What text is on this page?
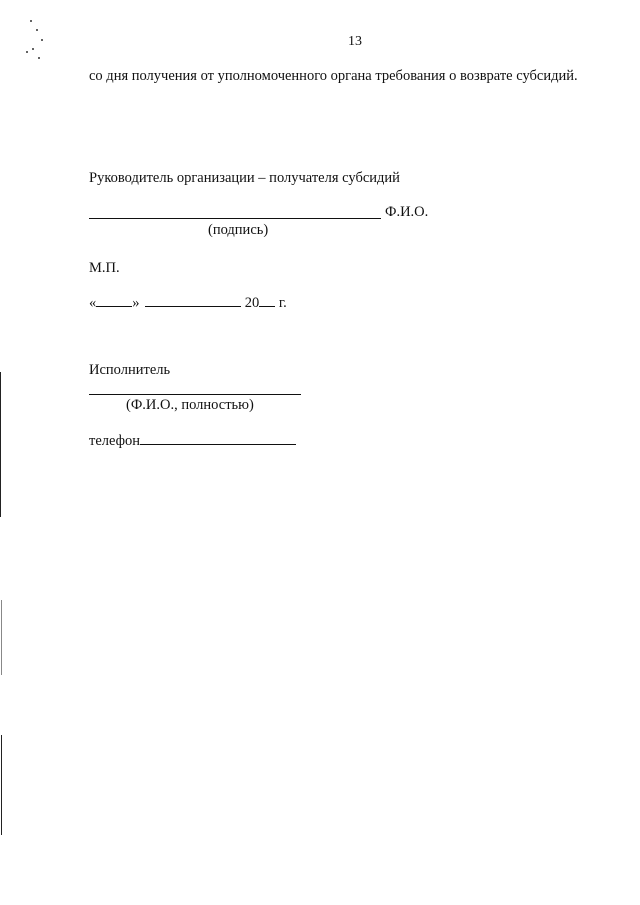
13
со дня получения от уполномоченного органа требования о возврате субсидий.
Руководитель организации – получателя субсидий
Ф.И.О.
(подпись)
М.П.
« »	20 г.
Исполнитель
(Ф.И.О., полностью)
телефон
